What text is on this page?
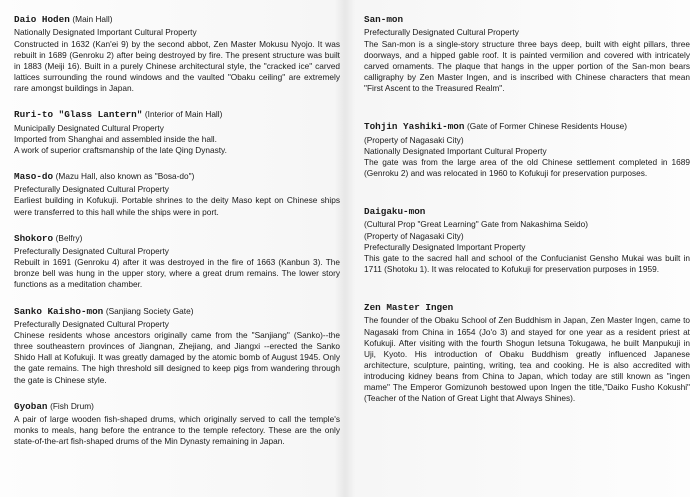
Daio Hoden (Main Hall)
Nationally Designated Important Cultural Property
Constructed in 1632 (Kan'ei 9) by the second abbot, Zen Master Mokusu Nyojo. It was rebuilt in 1689 (Genroku 2) after being destroyed by fire. The present structure was built in 1883 (Meiji 16). Built in a purely Chinese architectural style, the "cracked ice" carved lattices surrounding the round windows and the vaulted "Obaku ceiling" are extremely rare amongst buildings in Japan.
Ruri-to "Glass Lantern" (Interior of Main Hall)
Municipally Designated Cultural Property
Imported from Shanghai and assembled inside the hall.
A work of superior craftsmanship of the late Qing Dynasty.
Maso-do (Mazu Hall, also known as "Bosa-do")
Prefecturally Designated Cultural Property
Earliest building in Kofukuji. Portable shrines to the deity Maso kept on Chinese ships were transferred to this hall while the ships were in port.
Shokoro (Belfry)
Prefecturally Designated Cultural Property
Rebuilt in 1691 (Genroku 4) after it was destroyed in the fire of 1663 (Kanbun 3). The bronze bell was hung in the upper story, where a great drum remains. The lower story functions as a meditation chamber.
Sanko Kaisho-mon (Sanjiang Society Gate)
Prefecturally Designated Cultural Property
Chinese residents whose ancestors originally came from the "Sanjiang" (Sanko)--the three southeastern provinces of Jiangnan, Zhejiang, and Jiangxi --erected the Sanko Shido Hall at Kofukuji. It was greatly damaged by the atomic bomb of August 1945. Only the gate remains. The high threshold sill designed to keep pigs from wandering through the gate is Chinese style.
Gyoban (Fish Drum)
A pair of large wooden fish-shaped drums, which originally served to call the temple's monks to meals, hang before the entrance to the temple refectory. These are the only state-of-the-art fish-shaped drums of the Min Dynasty remaining in Japan.
San-mon
Prefecturally Designated Cultural Property
The San-mon is a single-story structure three bays deep, built with eight pillars, three doorways, and a hipped gable roof. It is painted vermilion and covered with intricately carved ornaments. The plaque that hangs in the upper portion of the San-mon bears calligraphy by Zen Master Ingen, and is inscribed with Chinese characters that mean "First Ascent to the Treasured Realm".
Tohjin Yashiki-mon (Gate of Former Chinese Residents House)
(Property of Nagasaki City)
Nationally Designated Important Cultural Property
The gate was from the large area of the old Chinese settlement completed in 1689 (Genroku 2) and was relocated in 1960 to Kofukuji for preservation purposes.
Daigaku-mon
(Cultural Prop "Great Learning" Gate from Nakashima Seido)
(Property of Nagasaki City)
Prefecturally Designated Important Property
This gate to the sacred hall and school of the Confucianist Gensho Mukai was built in 1711 (Shotoku 1). It was relocated to Kofukuji for preservation purposes in 1959.
Zen Master Ingen
The founder of the Obaku School of Zen Buddhism in Japan, Zen Master Ingen, came to Nagasaki from China in 1654 (Jo'o 3) and stayed for one year as a resident priest at Kofukuji. After visiting with the fourth Shogun Ietsuna Tokugawa, he built Manpukuji in Uji, Kyoto. His introduction of Obaku Buddhism greatly influenced Japanese architecture, sculpture, painting, writing, tea and cooking. He is also accredited with introducing kidney beans from China to Japan, which today are still known as "ingen mame" The Emperor Gomizunoh bestowed upon Ingen the title,"Daiko Fusho Kokushi" (Teacher of the Nation of Great Light that Always Shines).
